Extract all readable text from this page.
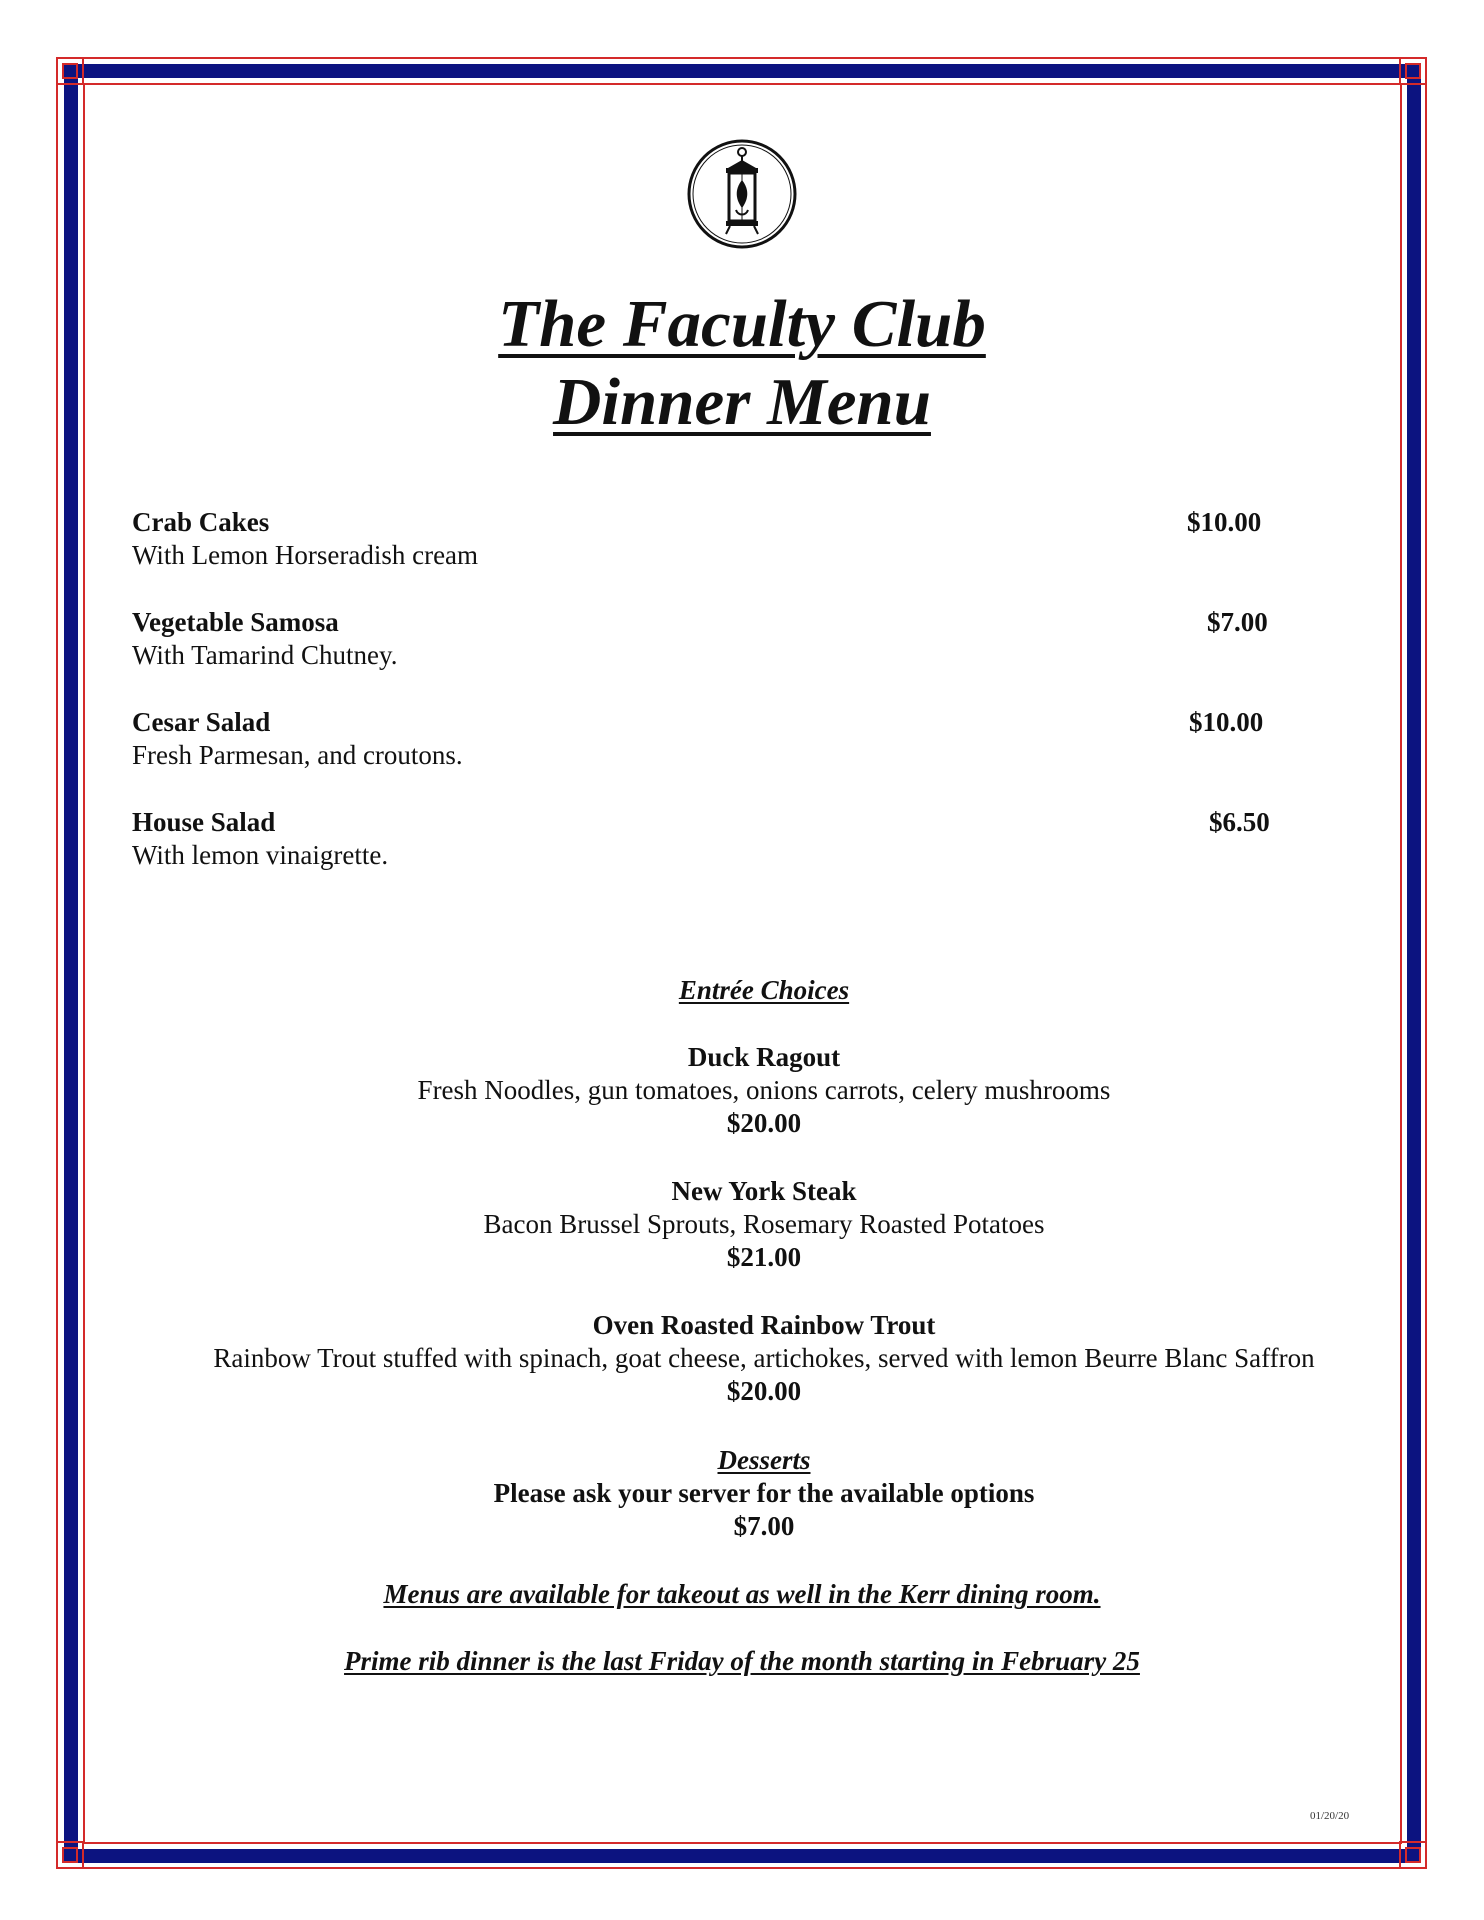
The Faculty Club
Dinner Menu
Crab Cakes
With Lemon Horseradish cream
$10.00
Vegetable Samosa
With Tamarind Chutney.
$7.00
Cesar Salad
Fresh Parmesan, and croutons.
$10.00
House Salad
With lemon vinaigrette.
$6.50
Entrée Choices
Duck Ragout
Fresh Noodles, gun tomatoes, onions carrots, celery mushrooms
$20.00
New York Steak
Bacon Brussel Sprouts, Rosemary Roasted Potatoes
$21.00
Oven Roasted Rainbow Trout
Rainbow Trout stuffed with spinach, goat cheese, artichokes, served with lemon Beurre Blanc Saffron
$20.00
Desserts
Please ask your server for the available options
$7.00
Menus are available for takeout as well in the Kerr dining room.
Prime rib dinner is the last Friday of the month starting in February 25
01/20/20
